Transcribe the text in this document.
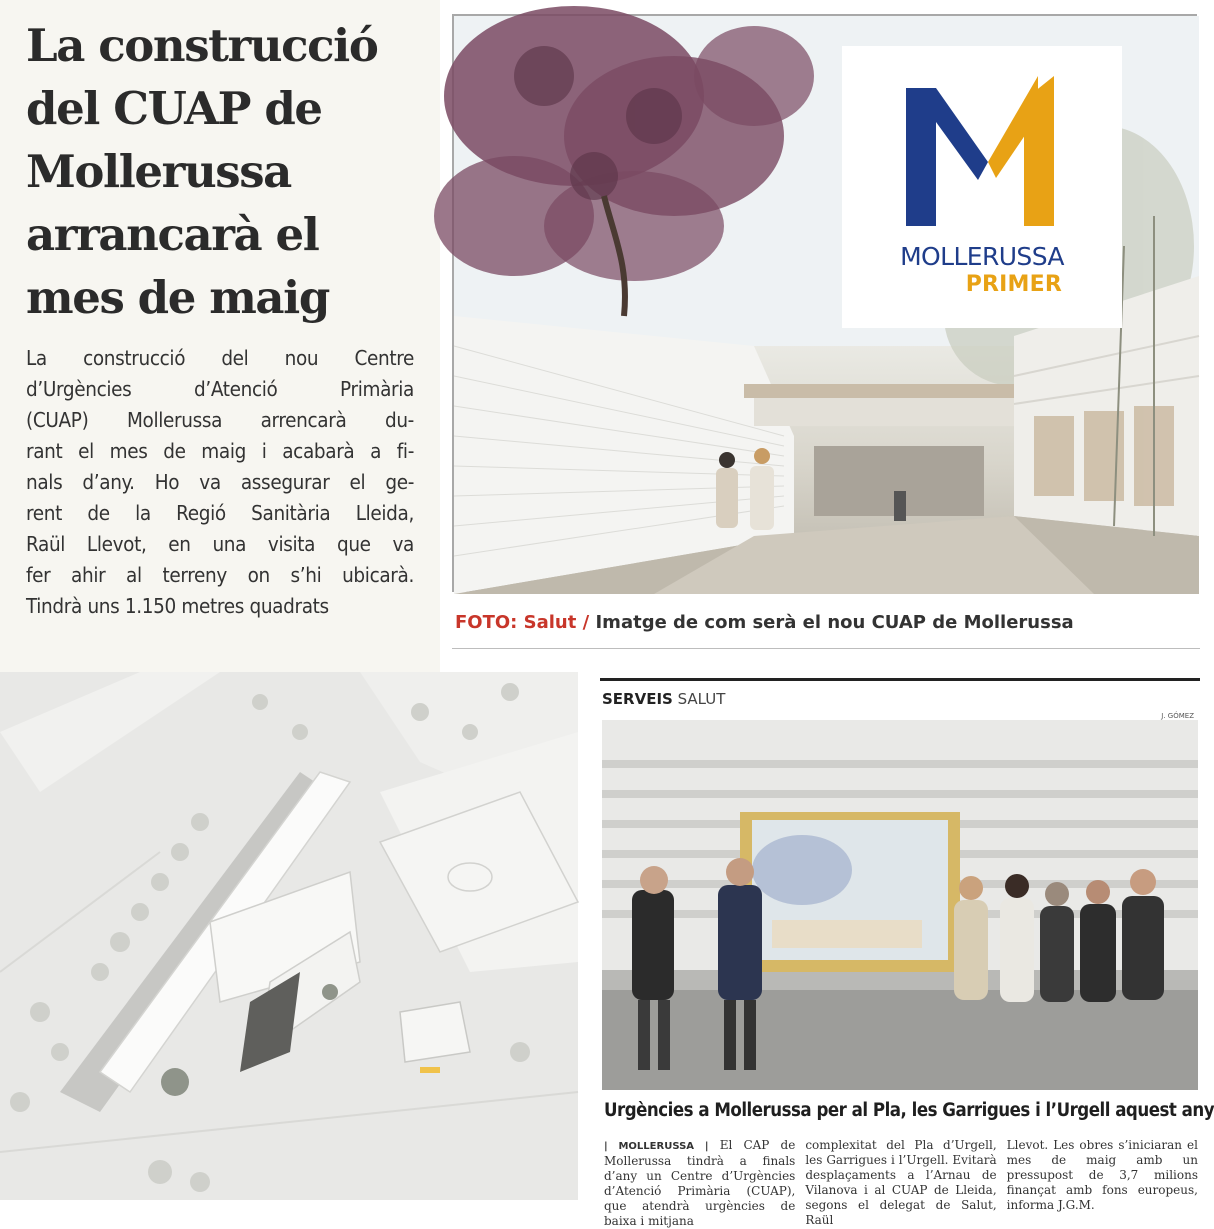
La construcció
del CUAP de
Mollerussa
arrancarà el
mes de maig

La construcció del nou Centre
d’Urgències d’Atenció Primària
(CUAP) Mollerussa arrencarà du-
rant el mes de maig i acabarà a fi-
nals d’any. Ho va assegurar el ge-
rent de la Regió Sanitària Lleida,
Raül Llevot, en una visita que va
fer ahir al terreny on s’hi ubicarà.
Tindrà uns 1.150 metres quadrats

MOLLERUSSA
PRIMER
FOTO: Salut / Imatge de com serà el nou CUAP de Mollerussa
SERVEIS SALUT
J. GÓMEZ
Urgències a Mollerussa per al Pla, les Garrigues i l’Urgell aquest any
| MOLLERUSSA | El CAP de Mollerussa tindrà a finals d’any un Centre d’Urgències d’Atenció Primària (CUAP), que atendrà urgències de baixa i mitjana
complexitat del Pla d’Urgell, les Garrigues i l’Urgell. Evitarà desplaçaments a l’Arnau de Vilanova i al CUAP de Lleida, segons el delegat de Salut, Raül
Llevot. Les obres s’iniciaran el mes de maig amb un pressupost de 3,7 milions finançat amb fons europeus, informa J.G.M.
